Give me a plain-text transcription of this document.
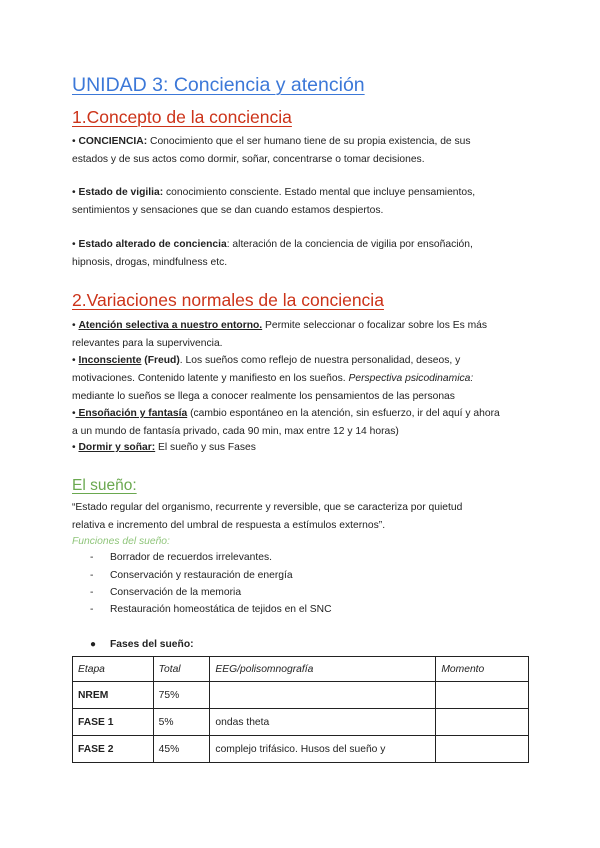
UNIDAD 3: Conciencia y atención
1.Concepto de la conciencia
• CONCIENCIA: Conocimiento que el ser humano tiene de su propia existencia, de sus
estados y de sus actos como dormir, soñar, concentrarse o tomar decisiones.
• Estado de vigilia: conocimiento consciente. Estado mental que incluye pensamientos,
sentimientos y sensaciones que se dan cuando estamos despiertos.
• Estado alterado de conciencia: alteración de la conciencia de vigilia por ensoñación,
hipnosis, drogas, mindfulness etc.
2.Variaciones normales de la conciencia
• Atención selectiva a nuestro entorno. Permite seleccionar o focalizar sobre los Es más
relevantes para la supervivencia.
• Inconsciente (Freud). Los sueños como reflejo de nuestra personalidad, deseos, y
motivaciones. Contenido latente y manifiesto en los sueños. Perspectiva psicodinamica:
mediante lo sueños se llega a conocer realmente los pensamientos de las personas
• Ensoñación y fantasía (cambio espontáneo en la atención, sin esfuerzo, ir del aquí y ahora
a un mundo de fantasía privado, cada 90 min, max entre 12 y 14 horas)
• Dormir y soñar: El sueño y sus Fases
El sueño:
“Estado regular del organismo, recurrente y reversible, que se caracteriza por quietud
relativa e incremento del umbral de respuesta a estímulos externos”.
Funciones del sueño:
- Borrador de recuerdos irrelevantes.
- Conservación y restauración de energía
- Conservación de la memoria
- Restauración homeostática de tejidos en el SNC
● Fases del sueño:
Etapa	Total	EEG/polisomnografía	Momento
NREM	75%		
FASE 1	5%	ondas theta	
FASE 2	45%	complejo trifásico. Husos del sueño y	
